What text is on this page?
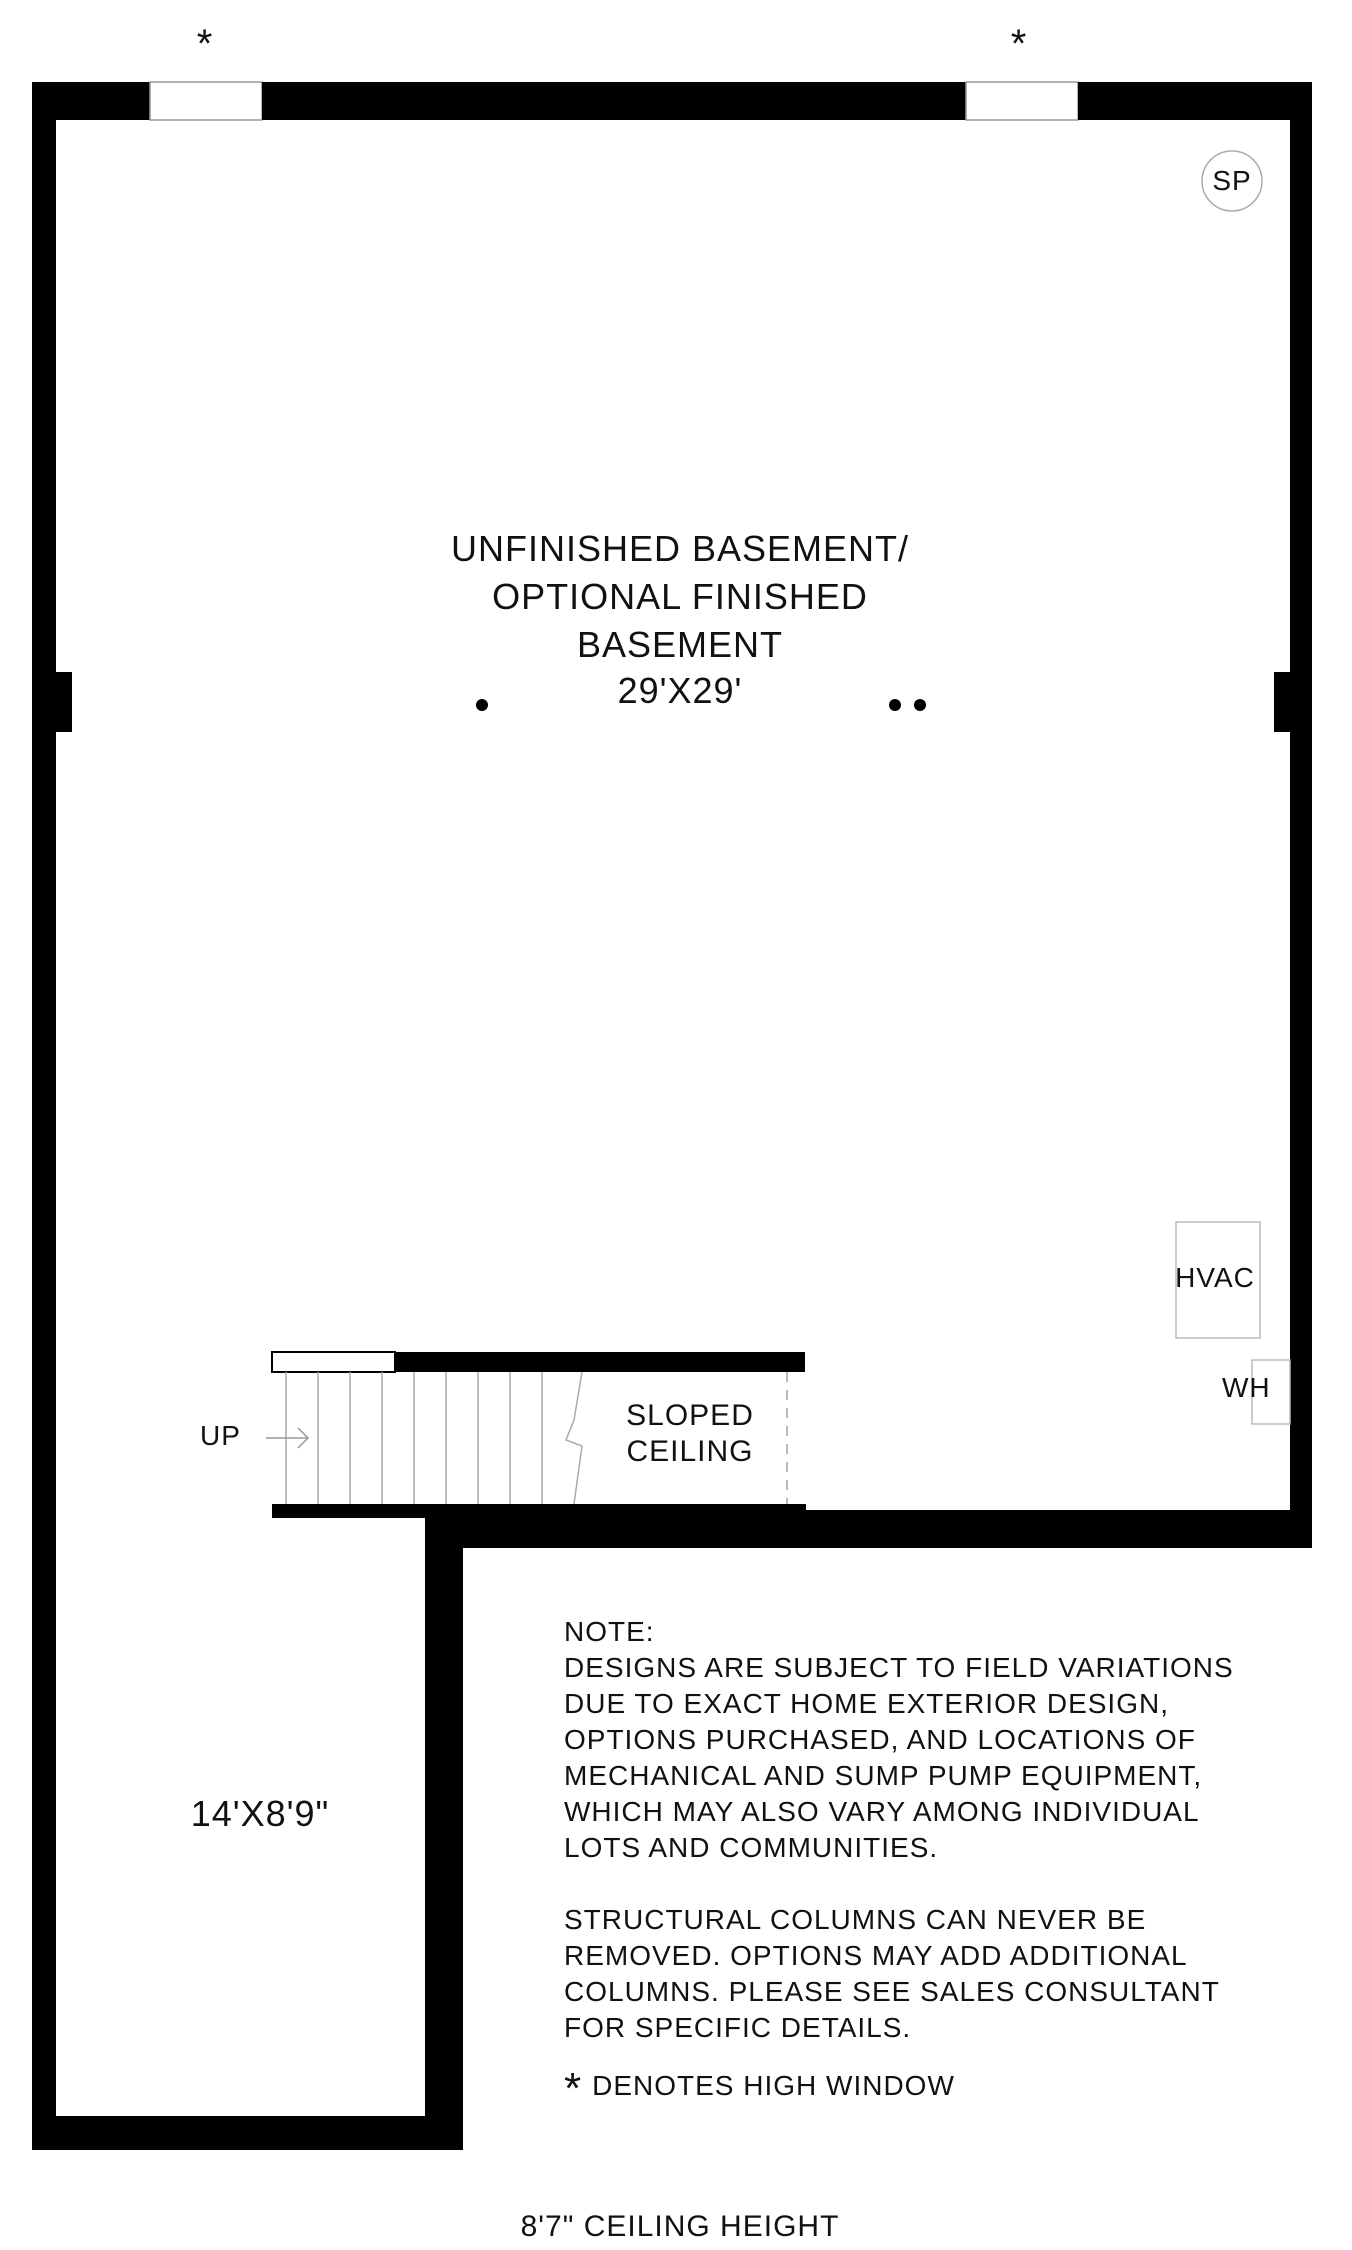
*	*
SP
UNFINISHED BASEMENT/
OPTIONAL FINISHED
BASEMENT
29'X29'
HVAC
WH
UP
SLOPED
CEILING
14'X8'9"

NOTE:

DESIGNS ARE SUBJECT TO FIELD VARIATIONS

DUE TO EXACT HOME EXTERIOR DESIGN,

OPTIONS PURCHASED, AND LOCATIONS OF

MECHANICAL AND SUMP PUMP EQUIPMENT,

WHICH MAY ALSO VARY AMONG INDIVIDUAL

LOTS AND COMMUNITIES.

STRUCTURAL COLUMNS CAN NEVER BE

REMOVED. OPTIONS MAY ADD ADDITIONAL

COLUMNS. PLEASE SEE SALES CONSULTANT

FOR SPECIFIC DETAILS.

* DENOTES HIGH WINDOW
8'7" CEILING HEIGHT
